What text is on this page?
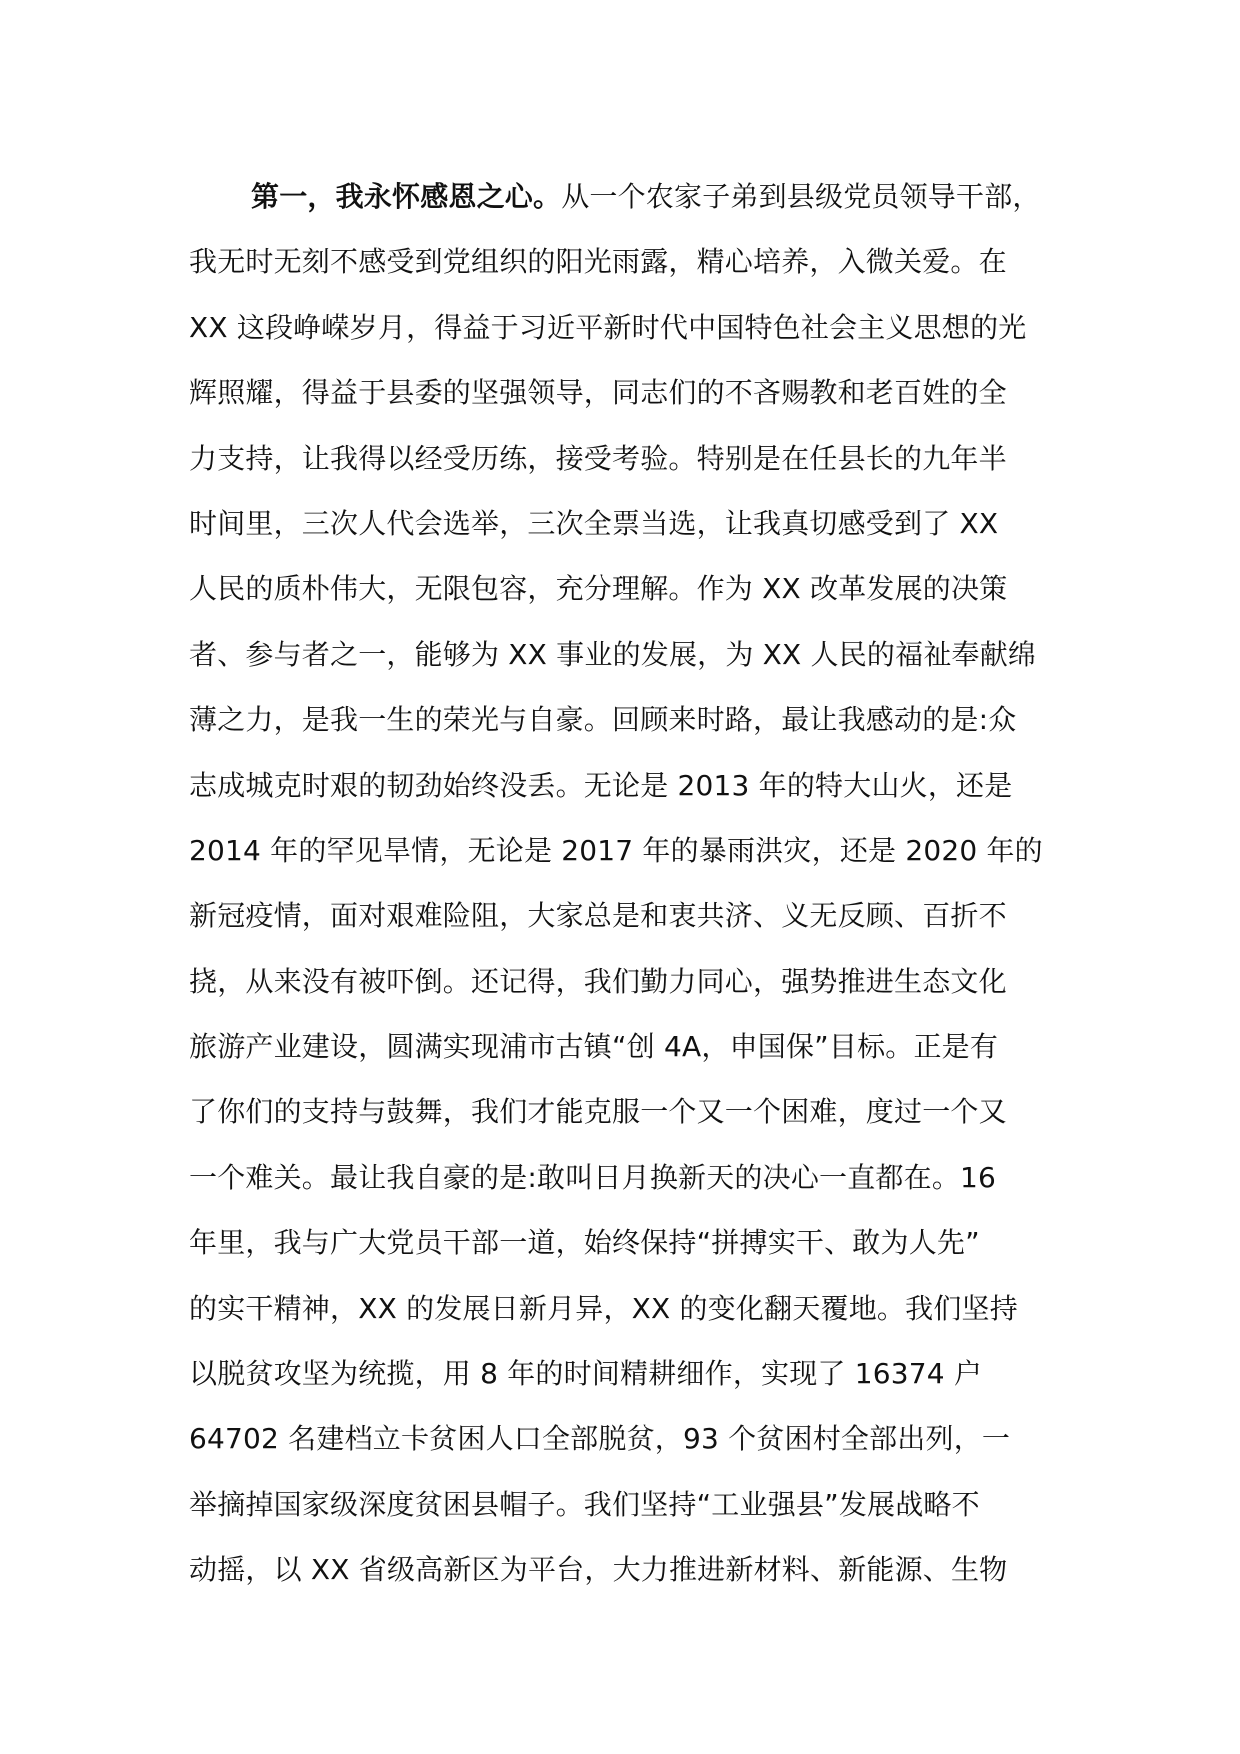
第一，我永怀感恩之心。从一个农家子弟到县级党员领导干部，
我无时无刻不感受到党组织的阳光雨露，精心培养，入微关爱。在
XX 这段峥嵘岁月，得益于习近平新时代中国特色社会主义思想的光
辉照耀，得益于县委的坚强领导，同志们的不吝赐教和老百姓的全
力支持，让我得以经受历练，接受考验。特别是在任县长的九年半
时间里，三次人代会选举，三次全票当选，让我真切感受到了 XX
人民的质朴伟大，无限包容，充分理解。作为 XX 改革发展的决策
者、参与者之一，能够为 XX 事业的发展，为 XX 人民的福祉奉献绵
薄之力，是我一生的荣光与自豪。回顾来时路，最让我感动的是:众
志成城克时艰的韧劲始终没丢。无论是 2013 年的特大山火，还是
2014 年的罕见旱情，无论是 2017 年的暴雨洪灾，还是 2020 年的
新冠疫情，面对艰难险阻，大家总是和衷共济、义无反顾、百折不
挠，从来没有被吓倒。还记得，我们勤力同心，强势推进生态文化
旅游产业建设，圆满实现浦市古镇“创 4A，申国保”目标。正是有
了你们的支持与鼓舞，我们才能克服一个又一个困难，度过一个又
一个难关。最让我自豪的是:敢叫日月换新天的决心一直都在。16
年里，我与广大党员干部一道，始终保持“拼搏实干、敢为人先”
的实干精神，XX 的发展日新月异，XX 的变化翻天覆地。我们坚持
以脱贫攻坚为统揽，用 8 年的时间精耕细作，实现了 16374 户
64702 名建档立卡贫困人口全部脱贫，93 个贫困村全部出列，一
举摘掉国家级深度贫困县帽子。我们坚持“工业强县”发展战略不
动摇，以 XX 省级高新区为平台，大力推进新材料、新能源、生物
